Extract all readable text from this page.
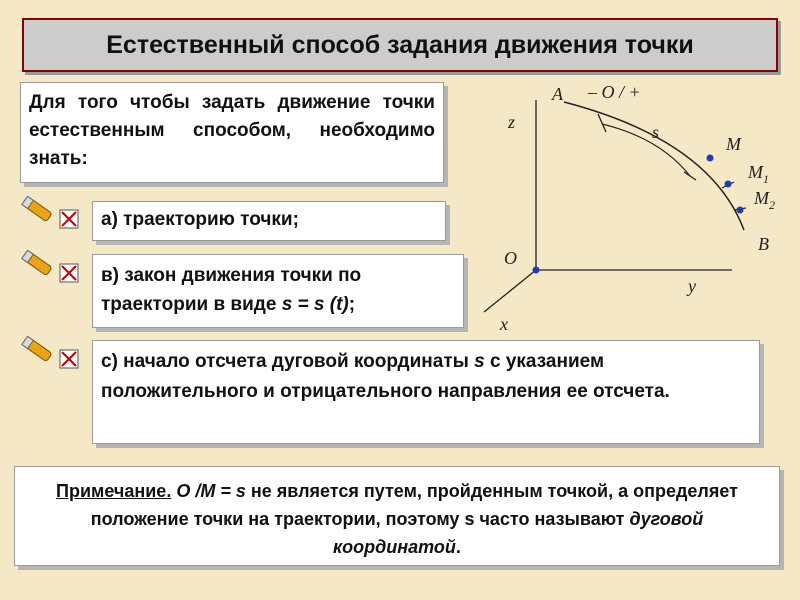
Естественный способ задания движения точки
Для того чтобы задать движение точки естественным способом, необходимо знать:
а) траекторию точки;
в) закон движения точки по траектории в виде s = s (t);
с) начало отсчета дуговой координаты s с указанием положительного и отрицательного направления ее отсчета.
Примечание. O /M = s не является путем, пройденным точкой, а определяет положение точки на траектории, поэтому s часто называют дуговой координатой.
A – O / +
z	s
M
$M_1$
$M_2$
B
O
y
x
